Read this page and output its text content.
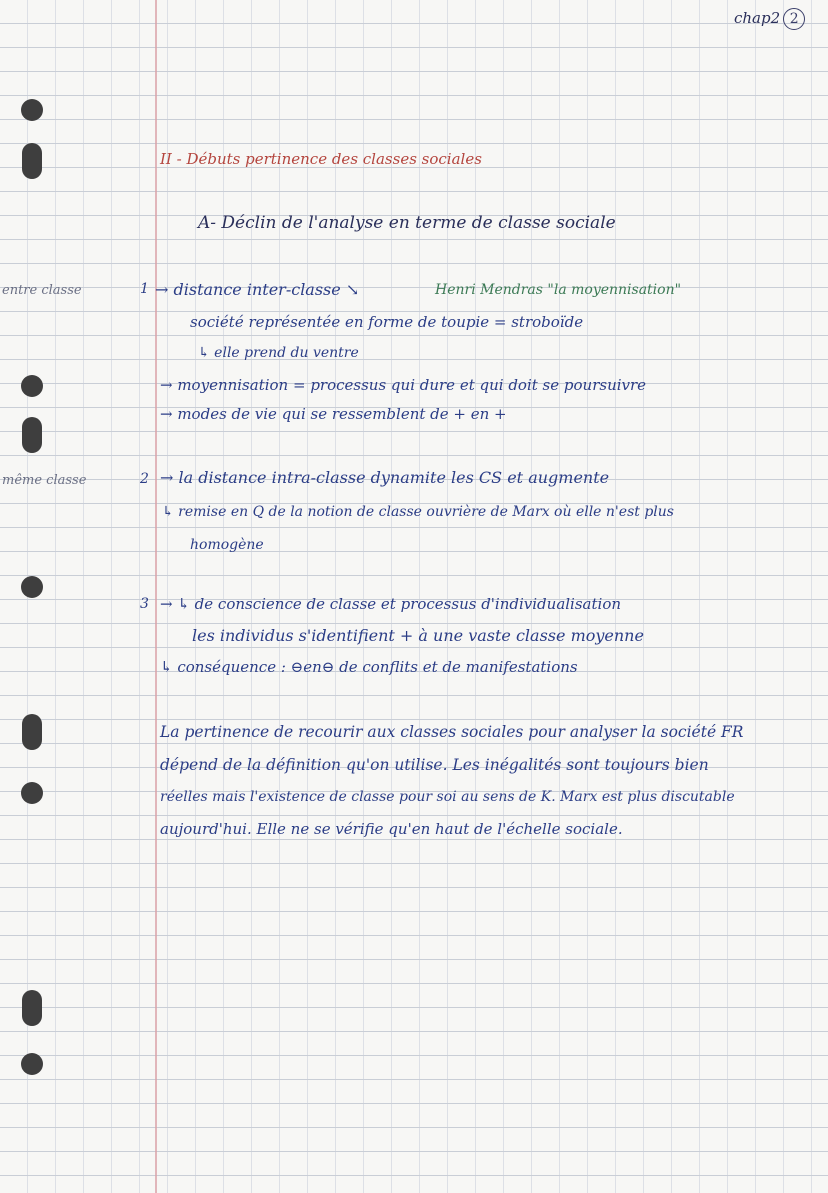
chap2 2
II - Débuts pertinence des classes sociales
A- Déclin de l'analyse en terme de classe sociale
entre classe
même classe
1 → distance inter-classe ↘	Henri Mendras "la moyennisation"
société représentée en forme de toupie = stroboïde
↳ elle prend du ventre
→ moyennisation = processus qui dure et qui doit se poursuivre
→ modes de vie qui se ressemblent de + en +
2 → la distance intra-classe dynamite les CS et augmente
↳ remise en Q de la notion de classe ouvrière de Marx où elle n'est plus
homogène
3 → ↳ de conscience de classe et processus d'individualisation
les individus s'identifient + à une vaste classe moyenne
↳ conséquence : ⊖en⊖ de conflits et de manifestations
La pertinence de recourir aux classes sociales pour analyser la société FR
dépend de la définition qu'on utilise. Les inégalités sont toujours bien
réelles mais l'existence de classe pour soi au sens de K. Marx est plus discutable
aujourd'hui. Elle ne se vérifie qu'en haut de l'échelle sociale.
